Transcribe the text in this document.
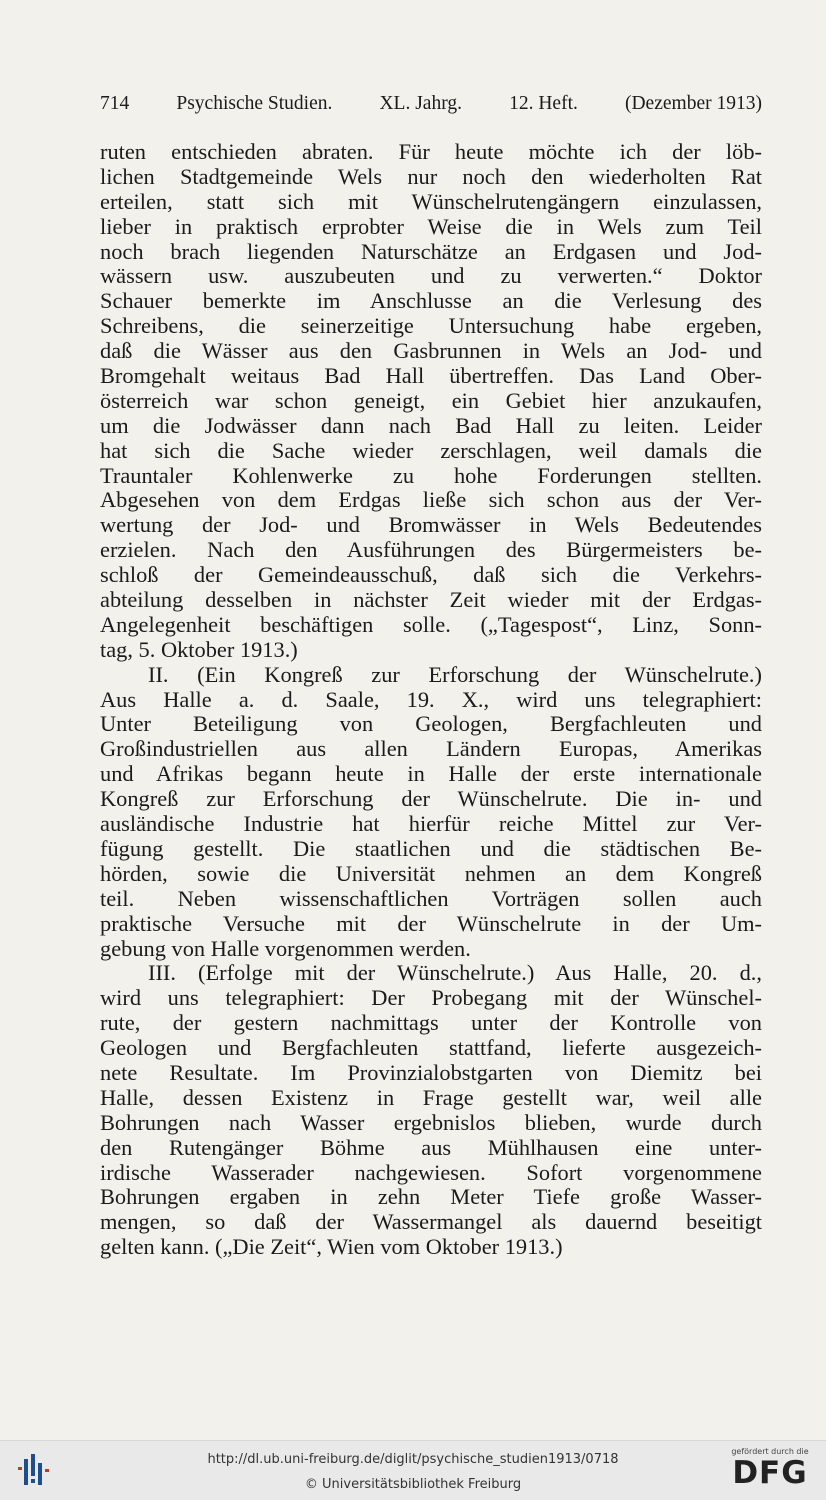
714 Psychische Studien. XL. Jahrg. 12. Heft. (Dezember 1913)
ruten entschieden abraten. Für heute möchte ich der löb-
lichen Stadtgemeinde Wels nur noch den wiederholten Rat
erteilen, statt sich mit Wünschelrutengängern einzulassen,
lieber in praktisch erprobter Weise die in Wels zum Teil
noch brach liegenden Naturschätze an Erdgasen und Jod-
wässern usw. auszubeuten und zu verwerten.“ Doktor
Schauer bemerkte im Anschlusse an die Verlesung des
Schreibens, die seinerzeitige Untersuchung habe ergeben,
daß die Wässer aus den Gasbrunnen in Wels an Jod- und
Bromgehalt weitaus Bad Hall übertreffen. Das Land Ober-
österreich war schon geneigt, ein Gebiet hier anzukaufen,
um die Jodwässer dann nach Bad Hall zu leiten. Leider
hat sich die Sache wieder zerschlagen, weil damals die
Trauntaler Kohlenwerke zu hohe Forderungen stellten.
Abgesehen von dem Erdgas ließe sich schon aus der Ver-
wertung der Jod- und Bromwässer in Wels Bedeutendes
erzielen. Nach den Ausführungen des Bürgermeisters be-
schloß der Gemeindeausschuß, daß sich die Verkehrs-
abteilung desselben in nächster Zeit wieder mit der Erdgas-
Angelegenheit beschäftigen solle. („Tagespost“, Linz, Sonn-
tag, 5. Oktober 1913.)
II. (Ein Kongreß zur Erforschung der Wünschelrute.)
Aus Halle a. d. Saale, 19. X., wird uns telegraphiert:
Unter Beteiligung von Geologen, Bergfachleuten und
Großindustriellen aus allen Ländern Europas, Amerikas
und Afrikas begann heute in Halle der erste internationale
Kongreß zur Erforschung der Wünschelrute. Die in- und
ausländische Industrie hat hierfür reiche Mittel zur Ver-
fügung gestellt. Die staatlichen und die städtischen Be-
hörden, sowie die Universität nehmen an dem Kongreß
teil. Neben wissenschaftlichen Vorträgen sollen auch
praktische Versuche mit der Wünschelrute in der Um-
gebung von Halle vorgenommen werden.
III. (Erfolge mit der Wünschelrute.) Aus Halle, 20. d.,
wird uns telegraphiert: Der Probegang mit der Wünschel-
rute, der gestern nachmittags unter der Kontrolle von
Geologen und Bergfachleuten stattfand, lieferte ausgezeich-
nete Resultate. Im Provinzialobstgarten von Diemitz bei
Halle, dessen Existenz in Frage gestellt war, weil alle
Bohrungen nach Wasser ergebnislos blieben, wurde durch
den Rutengänger Böhme aus Mühlhausen eine unter-
irdische Wasserader nachgewiesen. Sofort vorgenommene
Bohrungen ergaben in zehn Meter Tiefe große Wasser-
mengen, so daß der Wassermangel als dauernd beseitigt
gelten kann. („Die Zeit“, Wien vom Oktober 1913.)
http://dl.ub.uni-freiburg.de/diglit/psychische_studien1913/0718
© Universitätsbibliothek Freiburg
gefördert durch die
DFG
